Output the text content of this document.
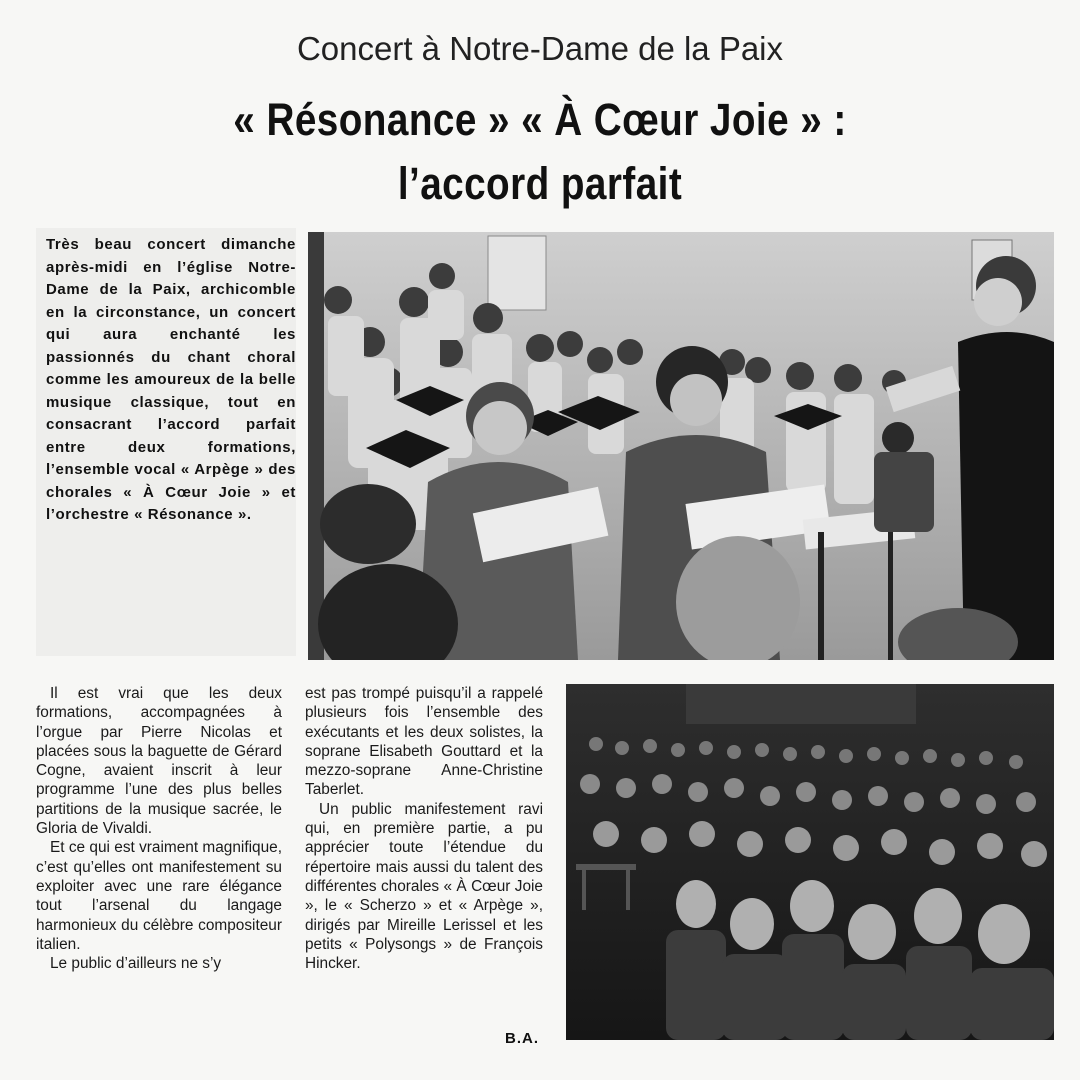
Concert à Notre-Dame de la Paix
« Résonance » « À Cœur Joie » :
l’accord parfait
Très beau concert dimanche après-midi en l’église Notre-Dame de la Paix, archicomble en la circonstance, un concert qui aura enchanté les passionnés du chant choral comme les amoureux de la belle musique classique, tout en consacrant l’accord parfait entre deux formations, l’ensemble vocal « Arpège » des chorales « À Cœur Joie » et l’orchestre « Résonance ».

Il est vrai que les deux formations, accompagnées à l’orgue par Pierre Nicolas et placées sous la baguette de Gérard Cogne, avaient inscrit à leur programme l’une des plus belles partitions de la musique sacrée, le Gloria de Vivaldi.

Et ce qui est vraiment magnifique, c’est qu’elles ont manifestement su exploiter avec une rare élégance tout l’arsenal du langage harmonieux du célèbre compositeur italien.

Le public d’ailleurs ne s’y

est pas trompé puisqu’il a rappelé plusieurs fois l’ensemble des exécutants et les deux solistes, la soprane Elisabeth Gouttard et la mezzo-soprane Anne-Christine Taberlet.

Un public manifestement ravi qui, en première partie, a pu apprécier toute l’étendue du répertoire mais aussi du talent des différentes chorales « À Cœur Joie », le « Scherzo » et « Arpège », dirigés par Mireille Lerissel et les petits « Polysongs » de François Hincker.

B.A.
